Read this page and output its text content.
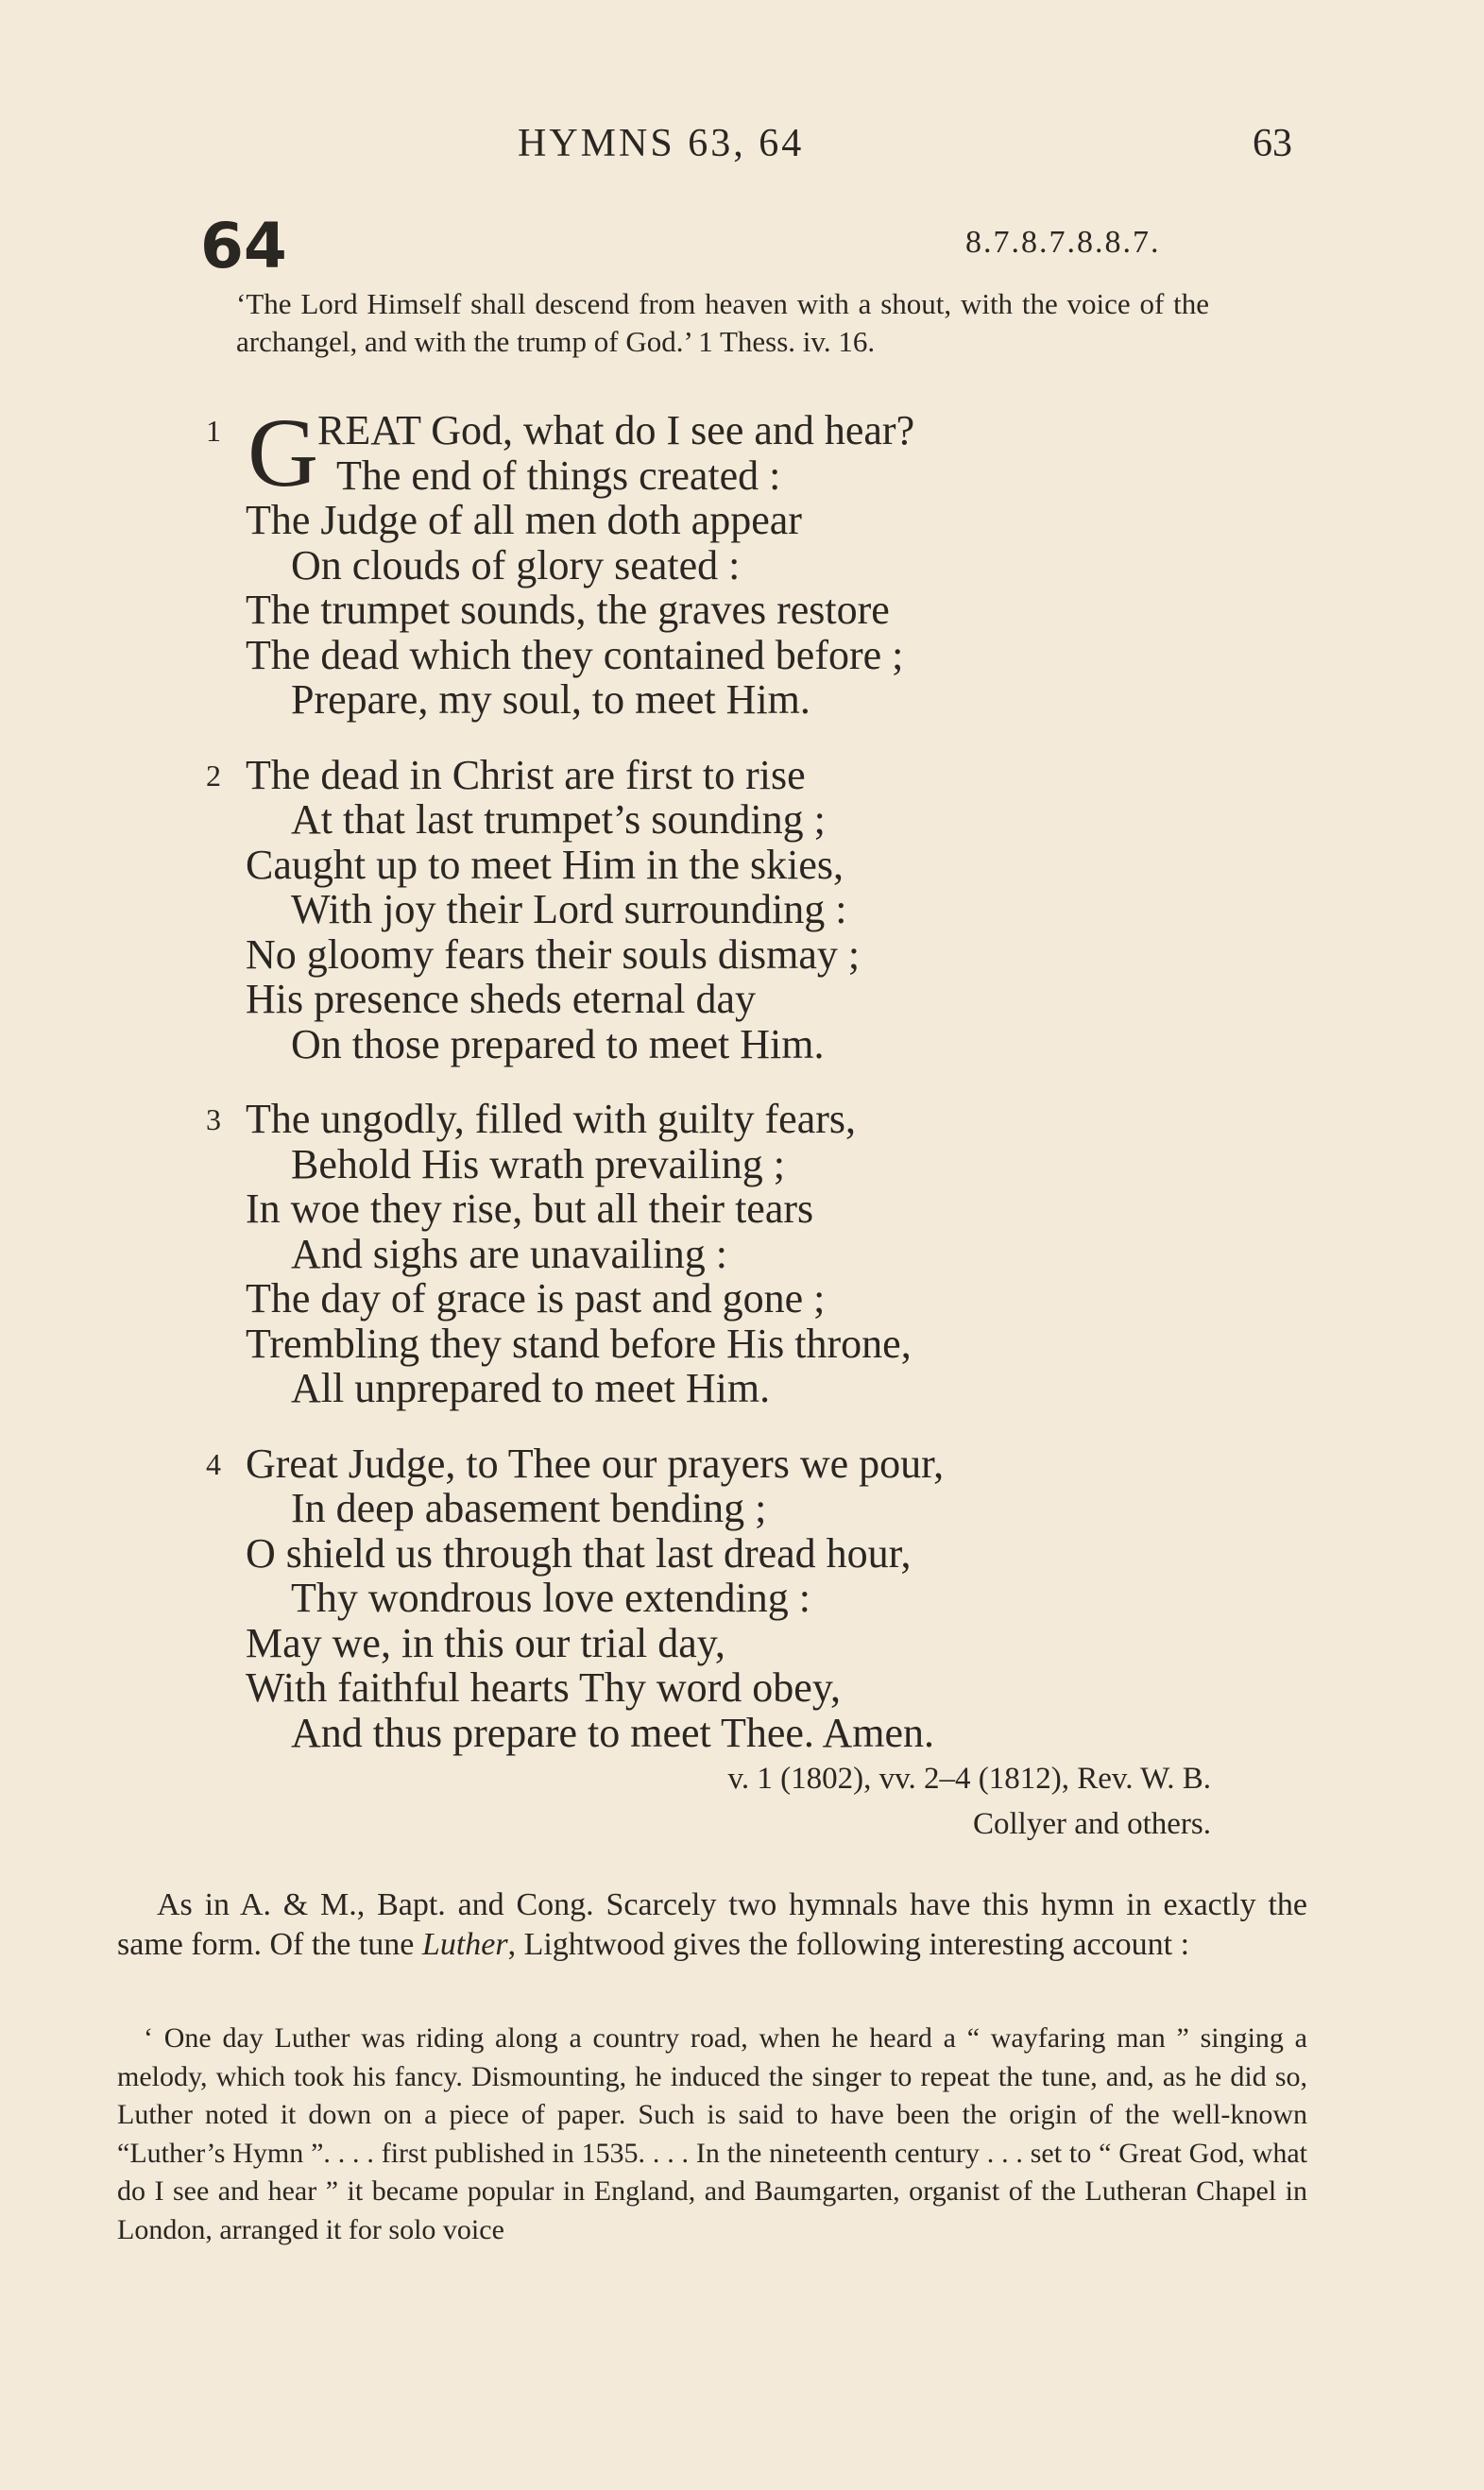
HYMNS 63, 64	63
64	8.7.8.7.8.8.7.
‘The Lord Himself shall descend from heaven with a shout, with the voice of the archangel, and with the trump of God.’ 1 Thess. iv. 16.
1 G
REAT God, what do I see and hear?
The end of things created :
The Judge of all men doth appear
On clouds of glory seated :
The trumpet sounds, the graves restore
The dead which they contained before ;
Prepare, my soul, to meet Him.
2 The dead in Christ are first to rise
At that last trumpet’s sounding ;
Caught up to meet Him in the skies,
With joy their Lord surrounding :
No gloomy fears their souls dismay ;
His presence sheds eternal day
On those prepared to meet Him.
3 The ungodly, filled with guilty fears,
Behold His wrath prevailing ;
In woe they rise, but all their tears
And sighs are unavailing :
The day of grace is past and gone ;
Trembling they stand before His throne,
All unprepared to meet Him.
4 Great Judge, to Thee our prayers we pour,
In deep abasement bending ;
O shield us through that last dread hour,
Thy wondrous love extending :
May we, in this our trial day,
With faithful hearts Thy word obey,
And thus prepare to meet Thee. Amen.
v. 1 (1802), vv. 2–4 (1812), Rev. W. B.
Collyer and others.
As in A. & M., Bapt. and Cong. Scarcely two hymnals have this hymn in exactly the same form. Of the tune Luther, Lightwood gives the following interesting account :
‘ One day Luther was riding along a country road, when he heard a “ wayfaring man ” singing a melody, which took his fancy. Dismounting, he induced the singer to repeat the tune, and, as he did so, Luther noted it down on a piece of paper. Such is said to have been the origin of the well-known “Luther’s Hymn ”. . . . first published in 1535. . . . In the nineteenth century . . . set to “ Great God, what do I see and hear ” it became popular in England, and Baumgarten, organist of the Lutheran Chapel in London, arranged it for solo voice
